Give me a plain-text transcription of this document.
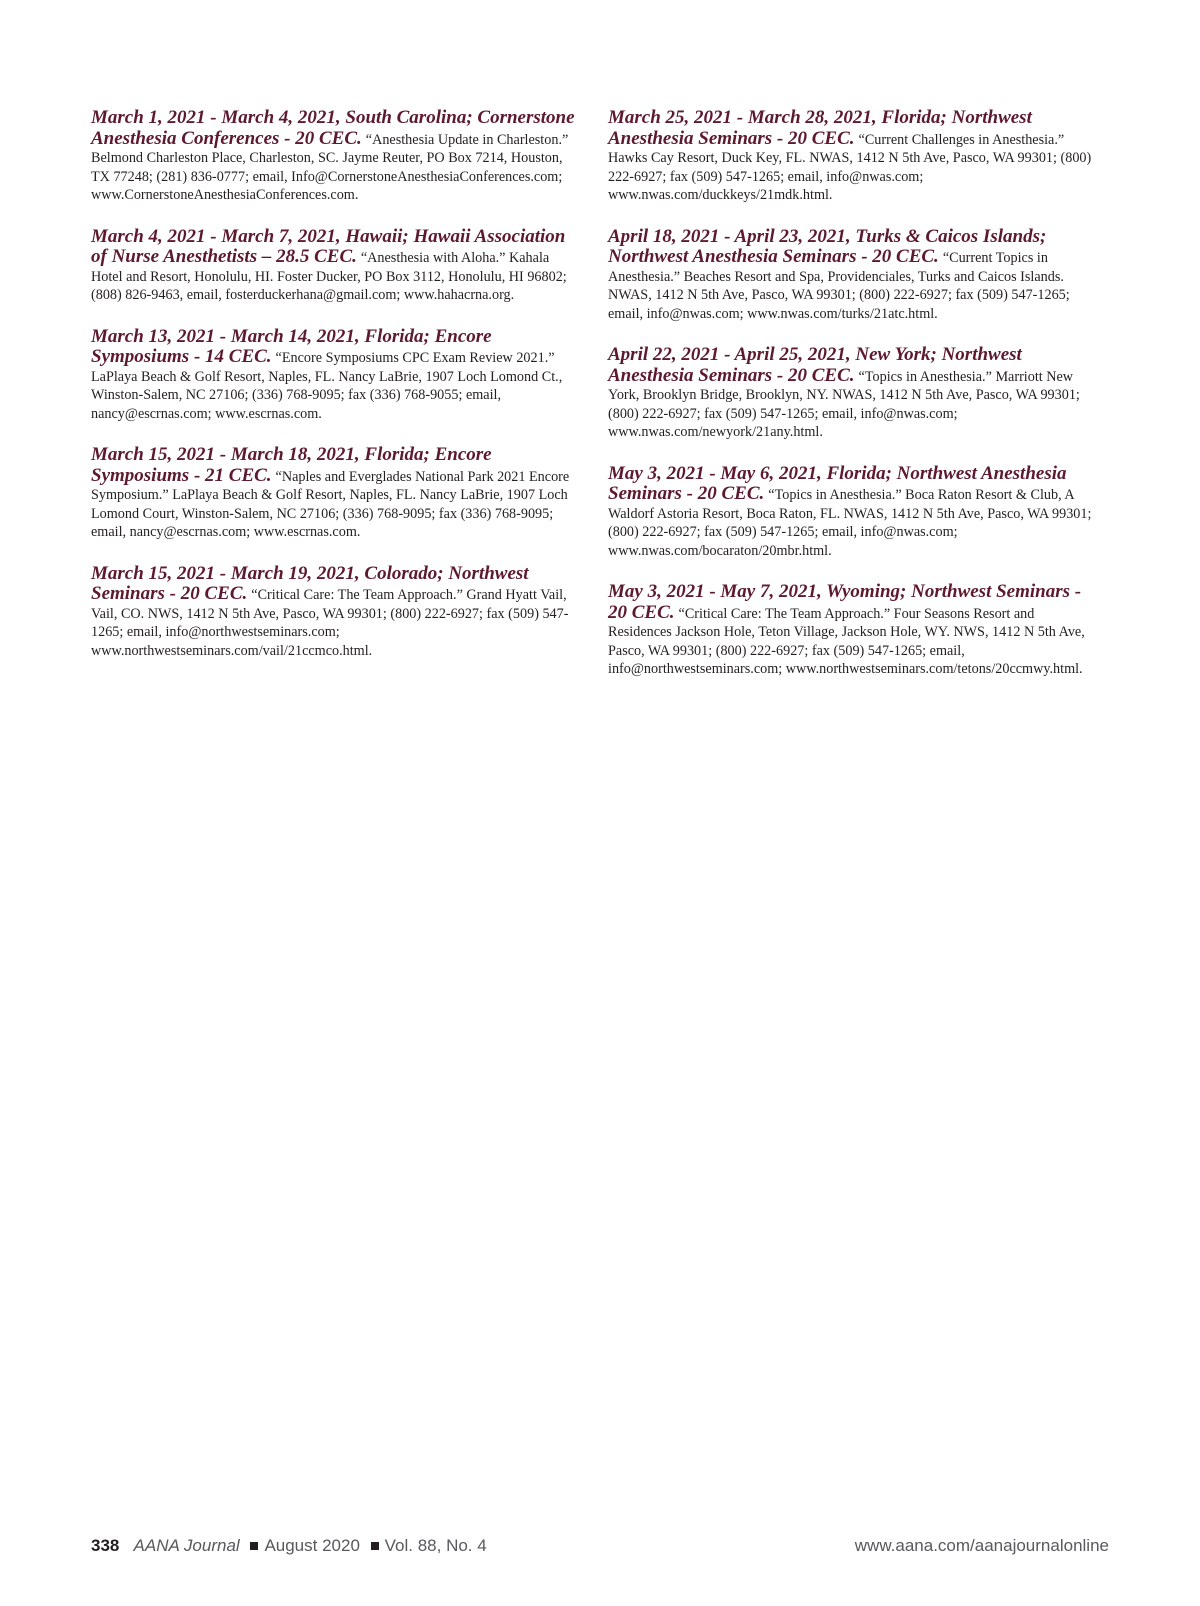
March 1, 2021 - March 4, 2021, South Carolina; Cornerstone Anesthesia Conferences - 20 CEC. “Anesthesia Update in Charleston.” Belmond Charleston Place, Charleston, SC. Jayme Reuter, PO Box 7214, Houston, TX 77248; (281) 836-0777; email, Info@CornerstoneAnesthesiaConferences.com; www.CornerstoneAnesthesiaConferences.com.
March 4, 2021 - March 7, 2021, Hawaii; Hawaii Association of Nurse Anesthetists – 28.5 CEC. “Anesthesia with Aloha.” Kahala Hotel and Resort, Honolulu, HI. Foster Ducker, PO Box 3112, Honolulu, HI 96802; (808) 826-9463, email, fosterduckerhana@gmail.com; www.hahacrna.org.
March 13, 2021 - March 14, 2021, Florida; Encore Symposiums - 14 CEC. “Encore Symposiums CPC Exam Review 2021.” LaPlaya Beach & Golf Resort, Naples, FL. Nancy LaBrie, 1907 Loch Lomond Ct., Winston-Salem, NC 27106; (336) 768-9095; fax (336) 768-9055; email, nancy@escrnas.com; www.escrnas.com.
March 15, 2021 - March 18, 2021, Florida; Encore Symposiums - 21 CEC. “Naples and Everglades National Park 2021 Encore Symposium.” LaPlaya Beach & Golf Resort, Naples, FL. Nancy LaBrie, 1907 Loch Lomond Court, Winston-Salem, NC 27106; (336) 768-9095; fax (336) 768-9095; email, nancy@escrnas.com; www.escrnas.com.
March 15, 2021 - March 19, 2021, Colorado; Northwest Seminars - 20 CEC. “Critical Care: The Team Approach.” Grand Hyatt Vail, Vail, CO. NWS, 1412 N 5th Ave, Pasco, WA 99301; (800) 222-6927; fax (509) 547-1265; email, info@northwestseminars.com; www.northwestseminars.com/vail/21ccmco.html.
March 25, 2021 - March 28, 2021, Florida; Northwest Anesthesia Seminars - 20 CEC. “Current Challenges in Anesthesia.” Hawks Cay Resort, Duck Key, FL. NWAS, 1412 N 5th Ave, Pasco, WA 99301; (800) 222-6927; fax (509) 547-1265; email, info@nwas.com; www.nwas.com/duckkeys/21mdk.html.
April 18, 2021 - April 23, 2021, Turks & Caicos Islands; Northwest Anesthesia Seminars - 20 CEC. “Current Topics in Anesthesia.” Beaches Resort and Spa, Providenciales, Turks and Caicos Islands. NWAS, 1412 N 5th Ave, Pasco, WA 99301; (800) 222-6927; fax (509) 547-1265; email, info@nwas.com; www.nwas.com/turks/21atc.html.
April 22, 2021 - April 25, 2021, New York; Northwest Anesthesia Seminars - 20 CEC. “Topics in Anesthesia.” Marriott New York, Brooklyn Bridge, Brooklyn, NY. NWAS, 1412 N 5th Ave, Pasco, WA 99301; (800) 222-6927; fax (509) 547-1265; email, info@nwas.com; www.nwas.com/newyork/21any.html.
May 3, 2021 - May 6, 2021, Florida; Northwest Anesthesia Seminars - 20 CEC. “Topics in Anesthesia.” Boca Raton Resort & Club, A Waldorf Astoria Resort, Boca Raton, FL. NWAS, 1412 N 5th Ave, Pasco, WA 99301; (800) 222-6927; fax (509) 547-1265; email, info@nwas.com; www.nwas.com/bocaraton/20mbr.html.
May 3, 2021 - May 7, 2021, Wyoming; Northwest Seminars - 20 CEC. “Critical Care: The Team Approach.” Four Seasons Resort and Residences Jackson Hole, Teton Village, Jackson Hole, WY. NWS, 1412 N 5th Ave, Pasco, WA 99301; (800) 222-6927; fax (509) 547-1265; email, info@northwestseminars.com; www.northwestseminars.com/tetons/20ccmwy.html.
338 AANA Journal August 2020 Vol. 88, No. 4	www.aana.com/aanajournalonline
